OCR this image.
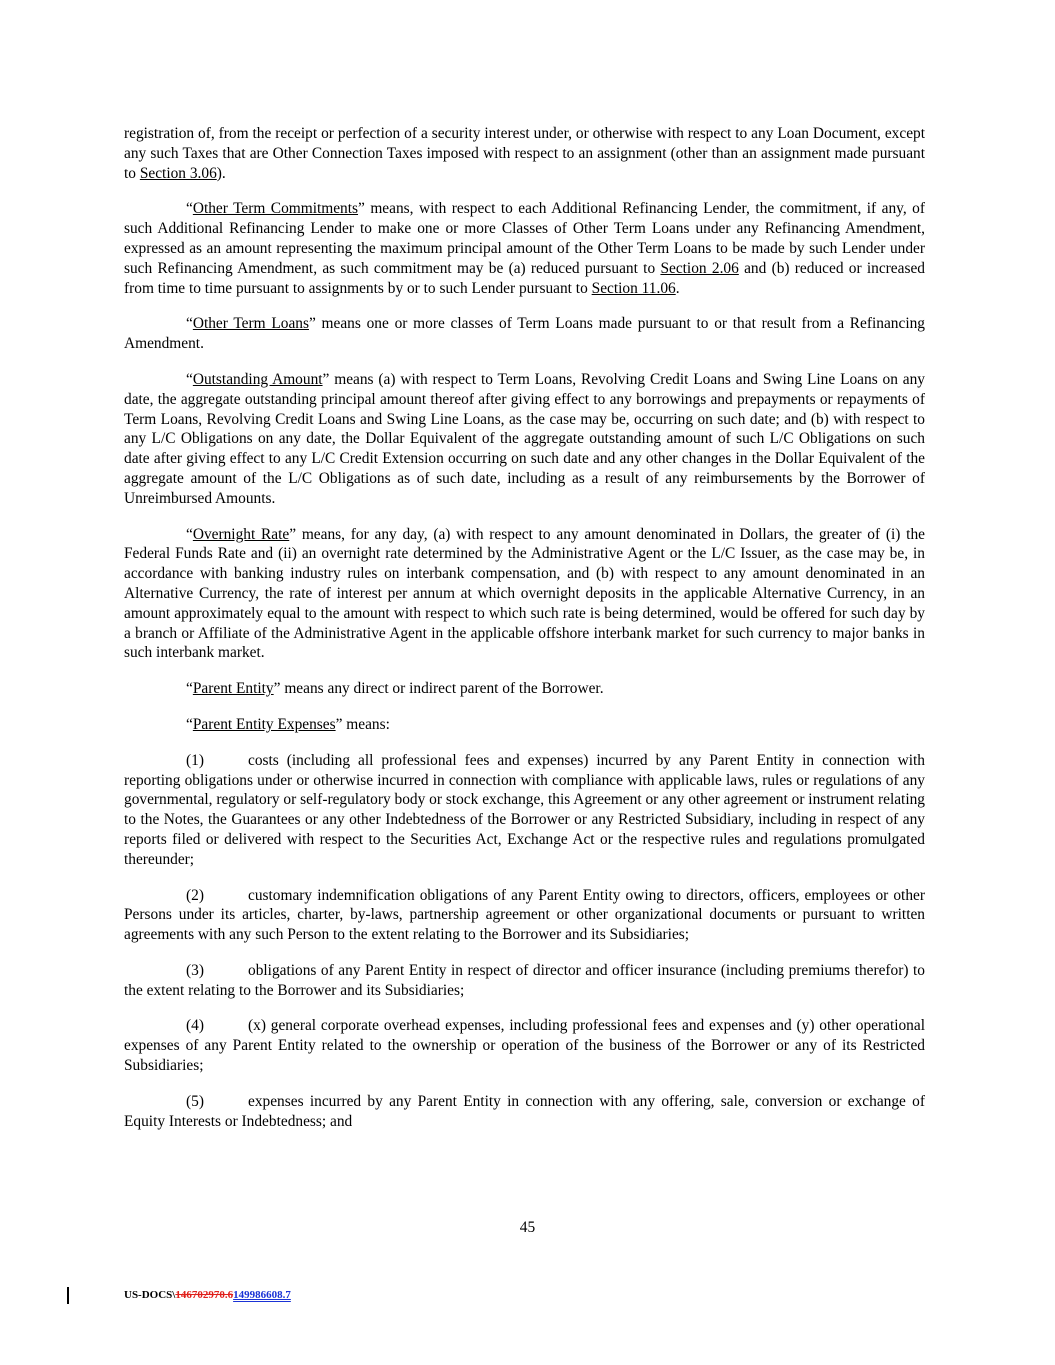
registration of, from the receipt or perfection of a security interest under, or otherwise with respect to any Loan Document, except any such Taxes that are Other Connection Taxes imposed with respect to an assignment (other than an assignment made pursuant to Section 3.06).

“Other Term Commitments” means, with respect to each Additional Refinancing Lender, the commitment, if any, of such Additional Refinancing Lender to make one or more Classes of Other Term Loans under any Refinancing Amendment, expressed as an amount representing the maximum principal amount of the Other Term Loans to be made by such Lender under such Refinancing Amendment, as such commitment may be (a) reduced pursuant to Section 2.06 and (b) reduced or increased from time to time pursuant to assignments by or to such Lender pursuant to Section 11.06.

“Other Term Loans” means one or more classes of Term Loans made pursuant to or that result from a Refinancing Amendment.

“Outstanding Amount” means (a) with respect to Term Loans, Revolving Credit Loans and Swing Line Loans on any date, the aggregate outstanding principal amount thereof after giving effect to any borrowings and prepayments or repayments of Term Loans, Revolving Credit Loans and Swing Line Loans, as the case may be, occurring on such date; and (b) with respect to any L/C Obligations on any date, the Dollar Equivalent of the aggregate outstanding amount of such L/C Obligations on such date after giving effect to any L/C Credit Extension occurring on such date and any other changes in the Dollar Equivalent of the aggregate amount of the L/C Obligations as of such date, including as a result of any reimbursements by the Borrower of Unreimbursed Amounts.

“Overnight Rate” means, for any day, (a) with respect to any amount denominated in Dollars, the greater of (i) the Federal Funds Rate and (ii) an overnight rate determined by the Administrative Agent or the L/C Issuer, as the case may be, in accordance with banking industry rules on interbank compensation, and (b) with respect to any amount denominated in an Alternative Currency, the rate of interest per annum at which overnight deposits in the applicable Alternative Currency, in an amount approximately equal to the amount with respect to which such rate is being determined, would be offered for such day by a branch or Affiliate of the Administrative Agent in the applicable offshore interbank market for such currency to major banks in such interbank market.

“Parent Entity” means any direct or indirect parent of the Borrower.

“Parent Entity Expenses” means:

(1)	costs (including all professional fees and expenses) incurred by any Parent Entity in connection with reporting obligations under or otherwise incurred in connection with compliance with applicable laws, rules or regulations of any governmental, regulatory or self-regulatory body or stock exchange, this Agreement or any other agreement or instrument relating to the Notes, the Guarantees or any other Indebtedness of the Borrower or any Restricted Subsidiary, including in respect of any reports filed or delivered with respect to the Securities Act, Exchange Act or the respective rules and regulations promulgated thereunder;

(2)	customary indemnification obligations of any Parent Entity owing to directors, officers, employees or other Persons under its articles, charter, by-laws, partnership agreement or other organizational documents or pursuant to written agreements with any such Person to the extent relating to the Borrower and its Subsidiaries;

(3)	obligations of any Parent Entity in respect of director and officer insurance (including premiums therefor) to the extent relating to the Borrower and its Subsidiaries;

(4)	(x) general corporate overhead expenses, including professional fees and expenses and (y) other operational expenses of any Parent Entity related to the ownership or operation of the business of the Borrower or any of its Restricted Subsidiaries;

(5)	expenses incurred by any Parent Entity in connection with any offering, sale, conversion or exchange of Equity Interests or Indebtedness; and

45
US-DOCS\146702970.6149986608.7
